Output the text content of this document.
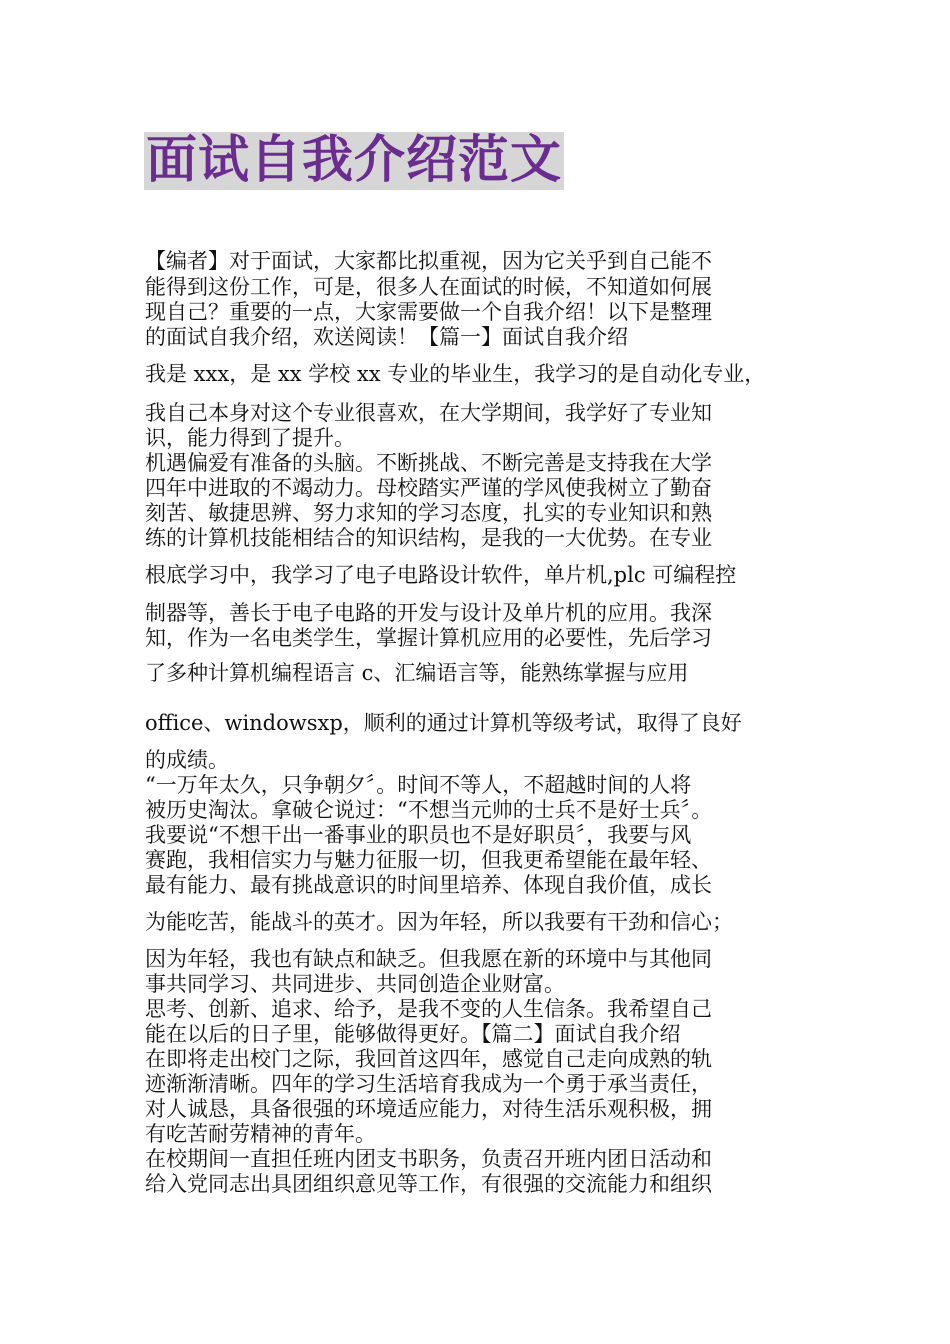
面试自我介绍范文
【编者】对于面试，大家都比拟重视，因为它关乎到自己能不
能得到这份工作，可是，很多人在面试的时候，不知道如何展
现自己？重要的一点，大家需要做一个自我介绍！以下是整理
的面试自我介绍，欢送阅读！【篇一】面试自我介绍
我是 xxx，是 xx 学校 xx 专业的毕业生，我学习的是自动化专业，
我自己本身对这个专业很喜欢，在大学期间，我学好了专业知
识，能力得到了提升。
机遇偏爱有准备的头脑。不断挑战、不断完善是支持我在大学
四年中进取的不竭动力。母校踏实严谨的学风使我树立了勤奋
刻苦、敏捷思辨、努力求知的学习态度，扎实的专业知识和熟
练的计算机技能相结合的知识结构，是我的一大优势。在专业
根底学习中，我学习了电子电路设计软件，单片机,plc 可编程控
制器等，善长于电子电路的开发与设计及单片机的应用。我深
知，作为一名电类学生，掌握计算机应用的必要性，先后学习
了多种计算机编程语言 c、汇编语言等，能熟练掌握与应用
office、windowsxp，顺利的通过计算机等级考试，取得了良好
的成绩。
“一万年太久，只争朝夕〞。时间不等人，不超越时间的人将
被历史淘汰。拿破仑说过：“不想当元帅的士兵不是好士兵〞。
我要说“不想干出一番事业的职员也不是好职员〞，我要与风
赛跑，我相信实力与魅力征服一切，但我更希望能在最年轻、
最有能力、最有挑战意识的时间里培养、体现自我价值，成长
为能吃苦，能战斗的英才。因为年轻，所以我要有干劲和信心；
因为年轻，我也有缺点和缺乏。但我愿在新的环境中与其他同
事共同学习、共同进步、共同创造企业财富。
思考、创新、追求、给予，是我不变的人生信条。我希望自己
能在以后的日子里，能够做得更好。【篇二】面试自我介绍
在即将走出校门之际，我回首这四年，感觉自己走向成熟的轨
迹渐渐清晰。四年的学习生活培育我成为一个勇于承当责任，
对人诚恳，具备很强的环境适应能力，对待生活乐观积极，拥
有吃苦耐劳精神的青年。
在校期间一直担任班内团支书职务，负责召开班内团日活动和
给入党同志出具团组织意见等工作，有很强的交流能力和组织
